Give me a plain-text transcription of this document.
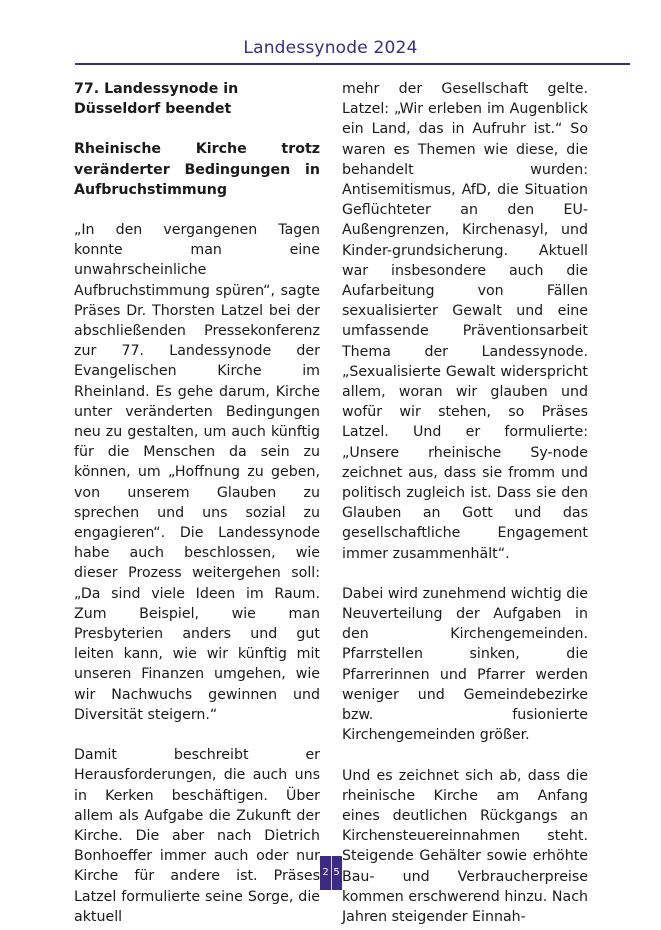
Landessynode 2024

77. Landessynode in Düsseldorf beendet

Rheinische Kirche trotz veränderter Bedingungen in Aufbruchstimmung

„In den vergangenen Tagen konnte man eine unwahrscheinliche Aufbruchstimmung spüren“, sagte Präses Dr. Thorsten Latzel bei der abschließenden Pressekonferenz zur 77. Landessynode der Evangelischen Kirche im Rheinland. Es gehe darum, Kirche unter veränderten Bedingungen neu zu gestalten, um auch künftig für die Menschen da sein zu können, um „Hoffnung zu geben, von unserem Glauben zu sprechen und uns sozial zu engagieren“. Die Landessynode habe auch beschlossen, wie dieser Prozess weitergehen soll: „Da sind viele Ideen im Raum. Zum Beispiel, wie man Presbyterien anders und gut leiten kann, wie wir künftig mit unseren Finanzen umgehen, wie wir Nachwuchs gewinnen und Diversität steigern.“

Damit beschreibt er Herausforderungen, die auch uns in Kerken beschäftigen. Über allem als Aufgabe die Zukunft der Kirche. Die aber nach Dietrich Bonhoeffer immer auch oder nur Kirche für andere ist. Präses Latzel formulierte seine Sorge, die aktuell

mehr der Gesellschaft gelte. Latzel: „Wir erleben im Augenblick ein Land, das in Aufruhr ist.“ So waren es Themen wie diese, die behandelt wurden: Antisemitismus, AfD, die Situation Geflüchteter an den EU-Außengrenzen, Kirchenasyl, und Kinder-grundsicherung. Aktuell war insbesondere auch die Aufarbeitung von Fällen sexualisierter Gewalt und eine umfassende Präventionsarbeit Thema der Landessynode. „Sexualisierte Gewalt widerspricht allem, woran wir glauben und wofür wir stehen, so Präses Latzel. Und er formulierte: „Unsere rheinische Sy-node zeichnet aus, dass sie fromm und politisch zugleich ist. Dass sie den Glauben an Gott und das gesellschaftliche Engagement immer zusammenhält“.

Dabei wird zunehmend wichtig die Neuverteilung der Aufgaben in den Kirchengemeinden. Pfarrstellen sinken, die Pfarrerinnen und Pfarrer werden weniger und Gemeindebezirke bzw. fusionierte Kirchengemeinden größer.

Und es zeichnet sich ab, dass die rheinische Kirche am Anfang eines deutlichen Rückgangs an Kirchensteuereinnahmen steht. Steigende Gehälter sowie erhöhte Bau- und Verbraucherpreise kommen erschwerend hinzu. Nach Jahren steigender Einnah-

2 5
